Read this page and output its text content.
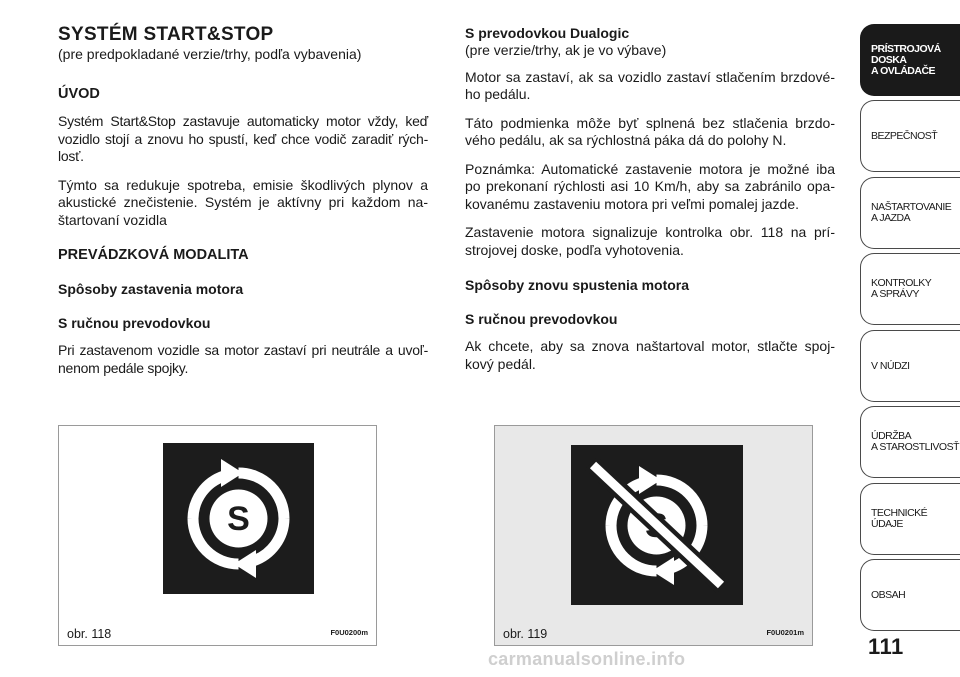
SYSTÉM START&STOP
(pre predpokladané verzie/trhy, podľa vybavenia)
ÚVOD
Systém Start&Stop zastavuje automaticky motor vždy, keď vozidlo stojí a znovu ho spustí, keď chce vodič zaradiť rých-losť.
Týmto sa redukuje spotreba, emisie škodlivých plynov a akustické znečistenie. Systém je aktívny pri každom na-štartovaní vozidla
PREVÁDZKOVÁ MODALITA
Spôsoby zastavenia motora
S ručnou prevodovkou
Pri zastavenom vozidle sa motor zastaví pri neutrále a uvoľ-nenom pedále spojky.
S prevodovkou Dualogic
(pre verzie/trhy, ak je vo výbave)
Motor sa zastaví, ak sa vozidlo zastaví stlačením brzdové-ho pedálu.
Táto podmienka môže byť splnená bez stlačenia brzdo-vého pedálu, ak sa rýchlostná páka dá do polohy N.
Poznámka: Automatické zastavenie motora je možné iba po prekonaní rýchlosti asi 10 Km/h, aby sa zabránilo opa-kovanému zastaveniu motora pri veľmi pomalej jazde.
Zastavenie motora signalizuje kontrolka obr. 118 na prí-strojovej doske, podľa vyhotovenia.
Spôsoby znovu spustenia motora
S ručnou prevodovkou
Ak chcete, aby sa znova naštartoval motor, stlačte spoj-kový pedál.
S
obr. 118	F0U0200m	obr. 119	F0U0201m
PRÍSTROJOVÁ
DOSKA
A OVLÁDAČE
BEZPEČNOSŤ
NAŠTARTOVANIE
A JAZDA
KONTROLKY
A SPRÁVY
V NÚDZI
ÚDRŽBA
A STAROSTLIVOSŤ
TECHNICKÉ ÚDAJE
OBSAH
111
carmanualsonline.info
